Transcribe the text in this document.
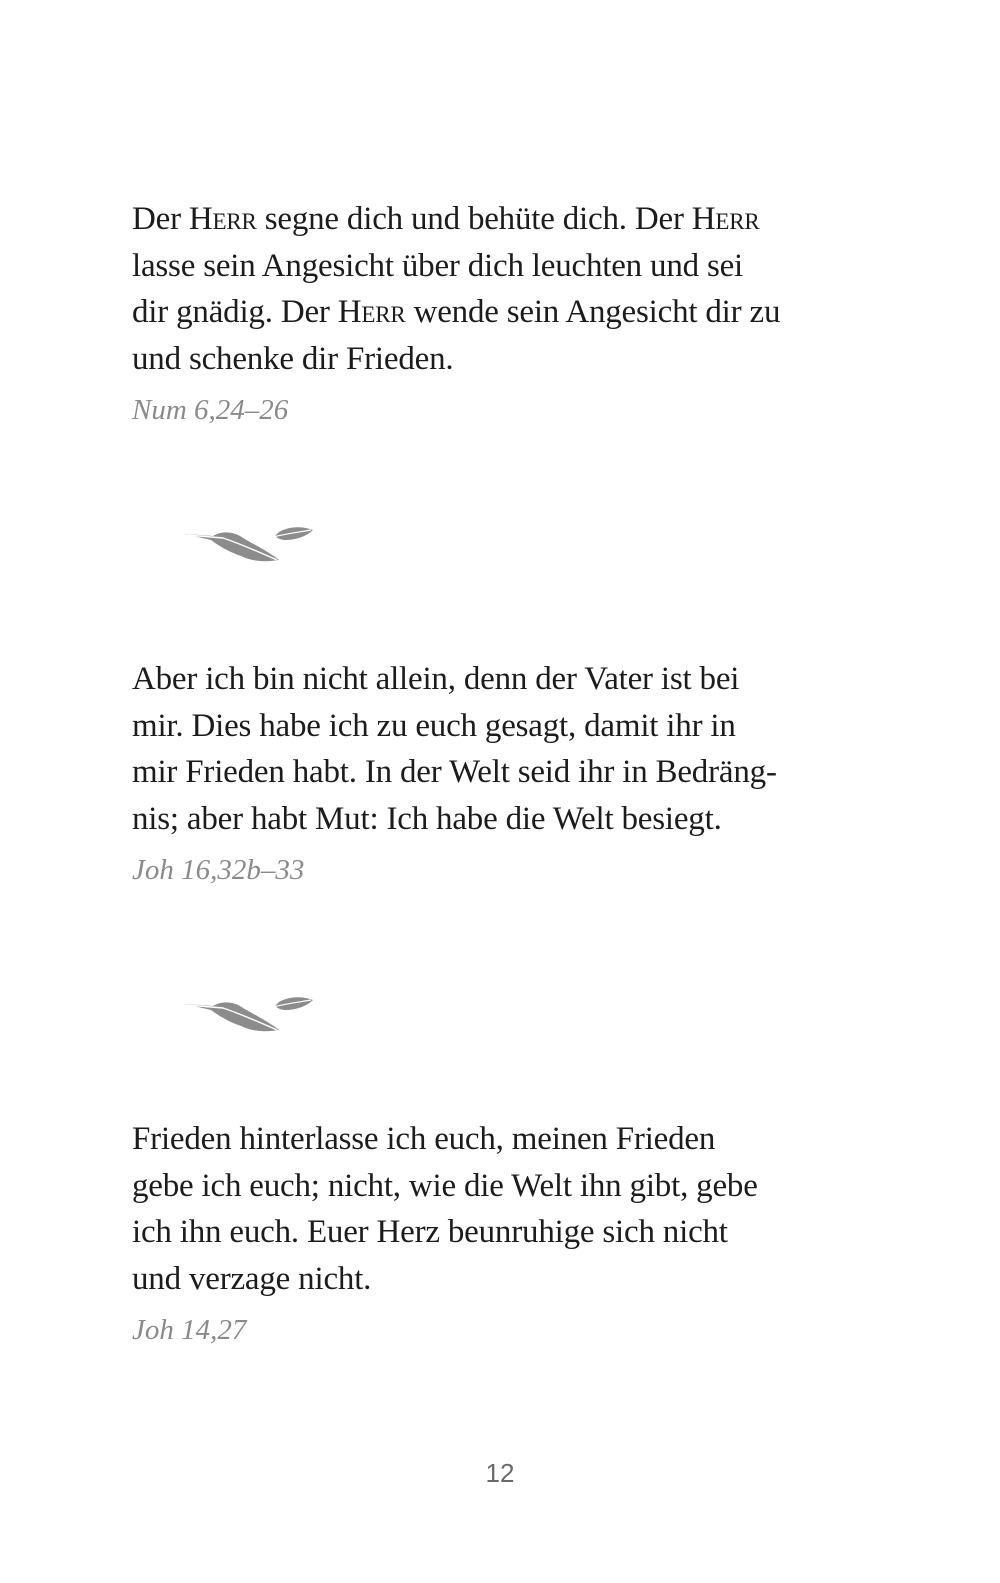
Der Herr segne dich und behüte dich. Der Herr
lasse sein Angesicht über dich leuchten und sei
dir gnädig. Der Herr wende sein Angesicht dir zu
und schenke dir Frieden.

Num 6,24–26

Aber ich bin nicht allein, denn der Vater ist bei
mir. Dies habe ich zu euch gesagt, damit ihr in
mir Frieden habt. In der Welt seid ihr in Bedräng-
nis; aber habt Mut: Ich habe die Welt besiegt.

Joh 16,32b–33

Frieden hinterlasse ich euch, meinen Frieden
gebe ich euch; nicht, wie die Welt ihn gibt, gebe
ich ihn euch. Euer Herz beunruhige sich nicht
und verzage nicht.

Joh 14,27
12
